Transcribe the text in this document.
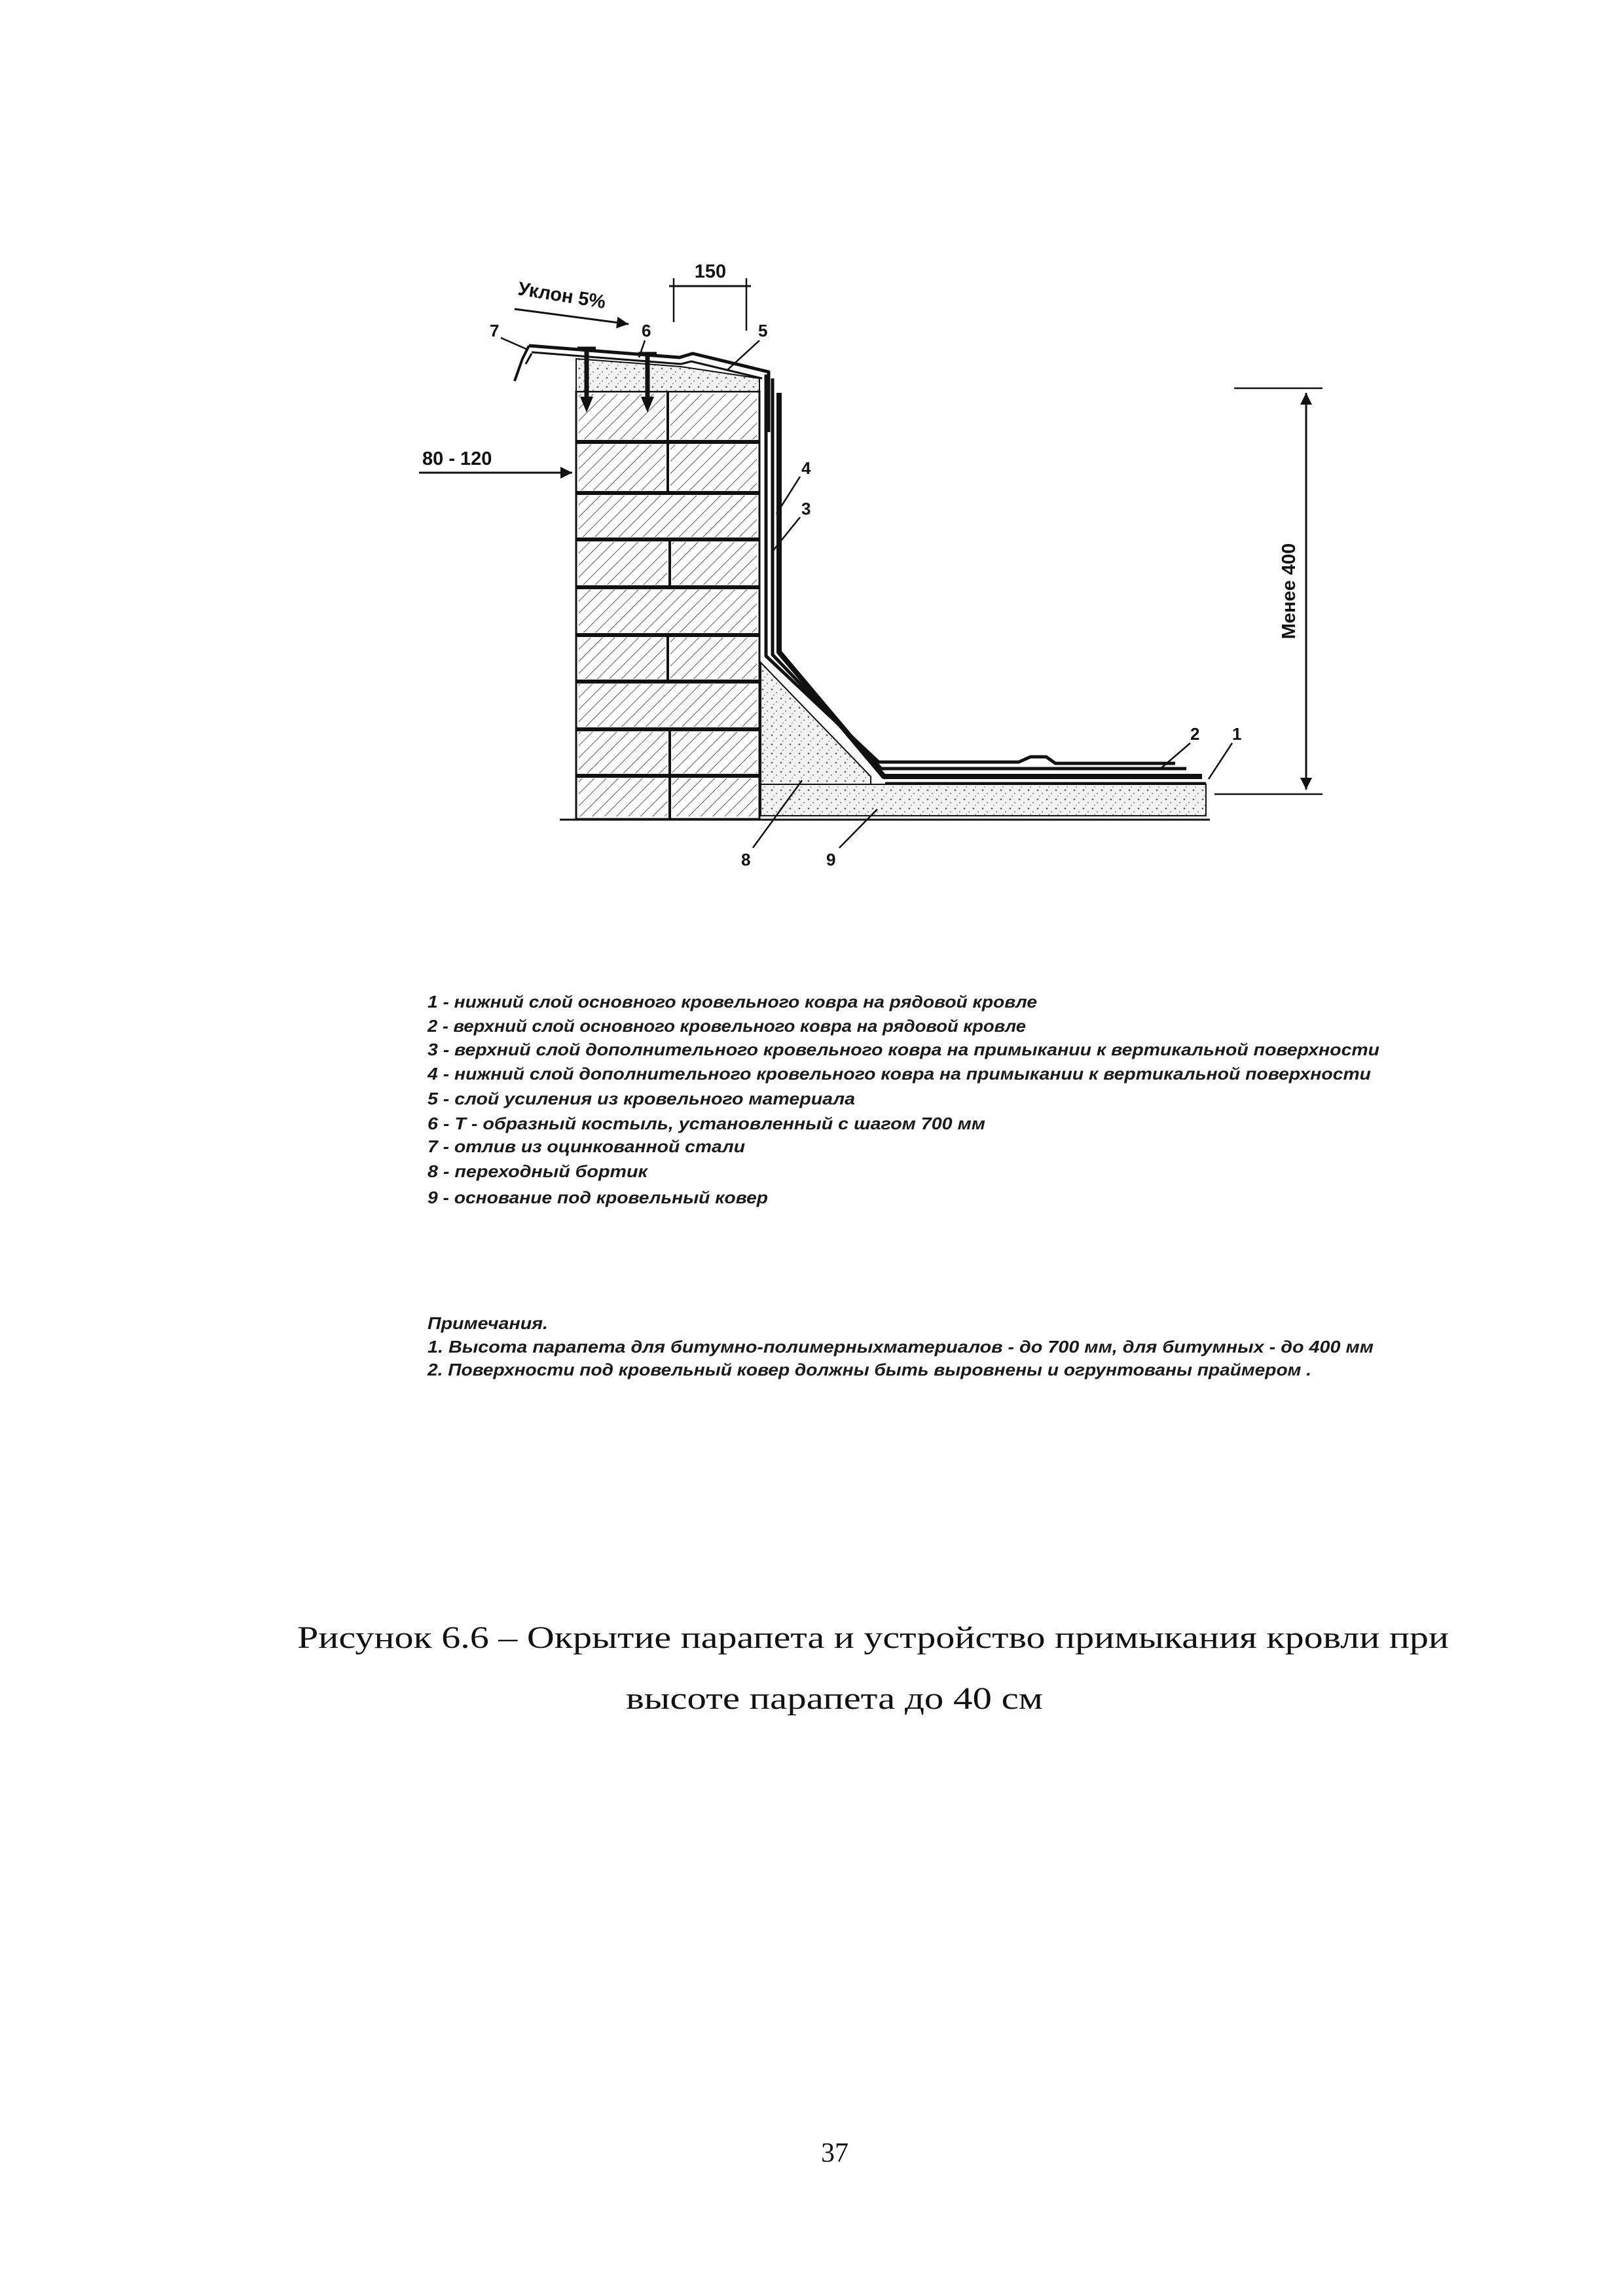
150
Уклон 5%
80 - 120
Менее 400
7	6	5
4
3
2 1
8	9
1 - нижний слой основного кровельного ковра на рядовой кровле
2 - верхний слой основного кровельного ковра на рядовой кровле
3 - верхний слой дополнительного кровельного ковра на примыкании к вертикальной поверхности
4 - нижний слой дополнительного кровельного ковра на примыкании к вертикальной поверхности
5 - слой усиления из кровельного материала
6 - Т - образный костыль, установленный с шагом 700 мм
7 - отлив из оцинкованной стали
8 - переходный бортик
9 - основание под кровельный ковер
Примечания.
1. Высота парапета для битумно-полимерныхматериалов - до 700 мм, для битумных - до 400 мм
2. Поверхности под кровельный ковер должны быть выровнены и огрунтованы праймером .
Рисунок 6.6 – Окрытие парапета и устройство примыкания кровли при
высоте парапета до 40 см
37
